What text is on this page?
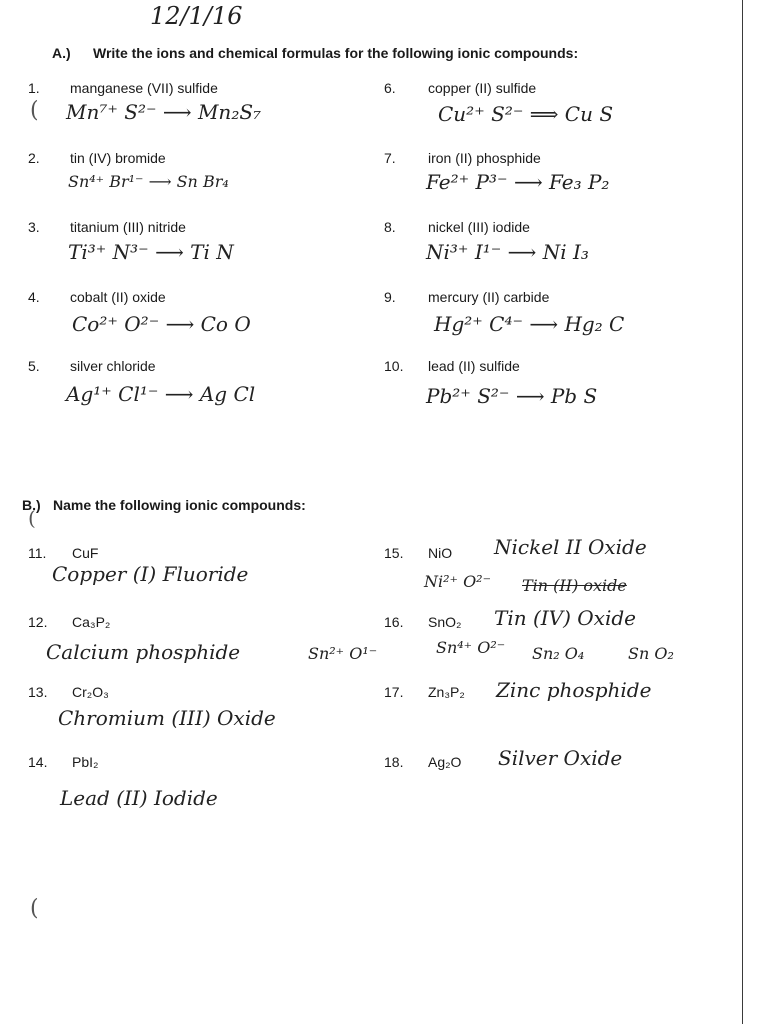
12/1/16
A.) Write the ions and chemical formulas for the following ionic compounds:
1. manganese (VII) sulfide
Mn⁷⁺ S²⁻ ⟶ Mn₂S₇
2. tin (IV) bromide
Sn⁴⁺ Br¹⁻ ⟶ Sn Br₄
3. titanium (III) nitride
Ti³⁺ N³⁻ ⟶ Ti N
4. cobalt (II) oxide
Co²⁺ O²⁻ ⟶ Co O
5. silver chloride
Ag¹⁺ Cl¹⁻ ⟶ Ag Cl
6. copper (II) sulfide
Cu²⁺ S²⁻ ⟹ Cu S
7. iron (II) phosphide
Fe²⁺ P³⁻ ⟶ Fe₃ P₂
8. nickel (III) iodide
Ni³⁺ I¹⁻ ⟶ Ni I₃
9. mercury (II) carbide
Hg²⁺ C⁴⁻ ⟶ Hg₂ C
10. lead (II) sulfide
Pb²⁺ S²⁻ ⟶ Pb S
B.) Name the following ionic compounds:
11. CuF
Copper (I) Fluoride
12. Ca₃P₂
Calcium phosphide
13. Cr₂O₃
Chromium (III) Oxide
14. PbI₂
Lead (II) Iodide
Sn²⁺ O¹⁻
15. NiO Nickel II Oxide
Ni²⁺ O²⁻ Tin (II) oxide
16. SnO₂ Tin (IV) Oxide
Sn⁴⁺ O²⁻ Sn₂ O₄	Sn O₂
17. Zn₃P₂ Zinc phosphide
18. Ag₂O Silver Oxide
(
(
(
